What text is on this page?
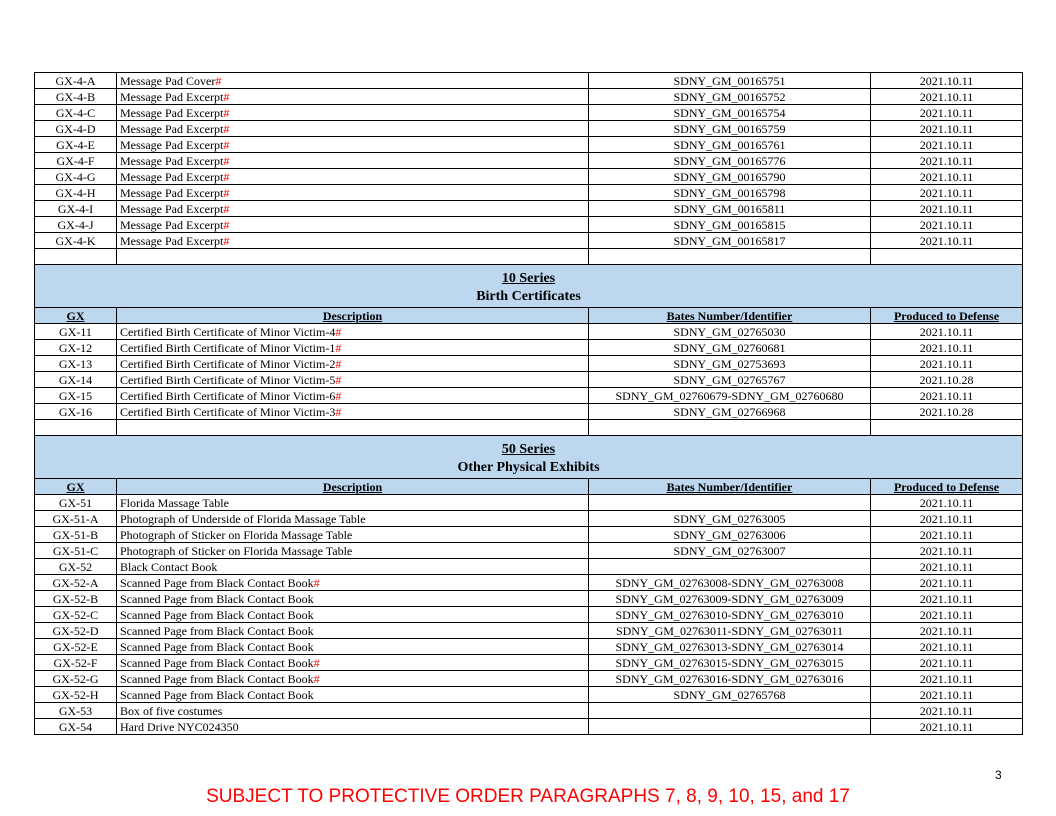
GX-4-A	Message Pad Cover#	SDNY_GM_00165751	2021.10.11
GX-4-B	Message Pad Excerpt#	SDNY_GM_00165752	2021.10.11
GX-4-C	Message Pad Excerpt#	SDNY_GM_00165754	2021.10.11
GX-4-D	Message Pad Excerpt#	SDNY_GM_00165759	2021.10.11
GX-4-E	Message Pad Excerpt#	SDNY_GM_00165761	2021.10.11
GX-4-F	Message Pad Excerpt#	SDNY_GM_00165776	2021.10.11
GX-4-G	Message Pad Excerpt#	SDNY_GM_00165790	2021.10.11
GX-4-H	Message Pad Excerpt#	SDNY_GM_00165798	2021.10.11
GX-4-I	Message Pad Excerpt#	SDNY_GM_00165811	2021.10.11
GX-4-J	Message Pad Excerpt#	SDNY_GM_00165815	2021.10.11
GX-4-K	Message Pad Excerpt#	SDNY_GM_00165817	2021.10.11

10 Series
Birth Certificates			

GX	Description	Bates Number/Identifier	Produced to Defense
GX-11	Certified Birth Certificate of Minor Victim-4#	SDNY_GM_02765030	2021.10.11
GX-12	Certified Birth Certificate of Minor Victim-1#	SDNY_GM_02760681	2021.10.11
GX-13	Certified Birth Certificate of Minor Victim-2#	SDNY_GM_02753693	2021.10.11
GX-14	Certified Birth Certificate of Minor Victim-5#	SDNY_GM_02765767	2021.10.28
GX-15	Certified Birth Certificate of Minor Victim-6#	SDNY_GM_02760679-SDNY_GM_02760680	2021.10.11
GX-16	Certified Birth Certificate of Minor Victim-3#	SDNY_GM_02766968	2021.10.28

50 Series
Other Physical Exhibits			

GX	Description	Bates Number/Identifier	Produced to Defense
GX-51	Florida Massage Table		2021.10.11
GX-51-A	Photograph of Underside of Florida Massage Table	SDNY_GM_02763005	2021.10.11
GX-51-B	Photograph of Sticker on Florida Massage Table	SDNY_GM_02763006	2021.10.11
GX-51-C	Photograph of Sticker on Florida Massage Table	SDNY_GM_02763007	2021.10.11
GX-52	Black Contact Book		2021.10.11
GX-52-A	Scanned Page from Black Contact Book#	SDNY_GM_02763008-SDNY_GM_02763008	2021.10.11
GX-52-B	Scanned Page from Black Contact Book	SDNY_GM_02763009-SDNY_GM_02763009	2021.10.11
GX-52-C	Scanned Page from Black Contact Book	SDNY_GM_02763010-SDNY_GM_02763010	2021.10.11
GX-52-D	Scanned Page from Black Contact Book	SDNY_GM_02763011-SDNY_GM_02763011	2021.10.11
GX-52-E	Scanned Page from Black Contact Book	SDNY_GM_02763013-SDNY_GM_02763014	2021.10.11
GX-52-F	Scanned Page from Black Contact Book#	SDNY_GM_02763015-SDNY_GM_02763015	2021.10.11
GX-52-G	Scanned Page from Black Contact Book#	SDNY_GM_02763016-SDNY_GM_02763016	2021.10.11
GX-52-H	Scanned Page from Black Contact Book	SDNY_GM_02765768	2021.10.11
GX-53	Box of five costumes		2021.10.11
GX-54	Hard Drive NYC024350		2021.10.11
3
SUBJECT TO PROTECTIVE ORDER PARAGRAPHS 7, 8, 9, 10, 15, and 17
